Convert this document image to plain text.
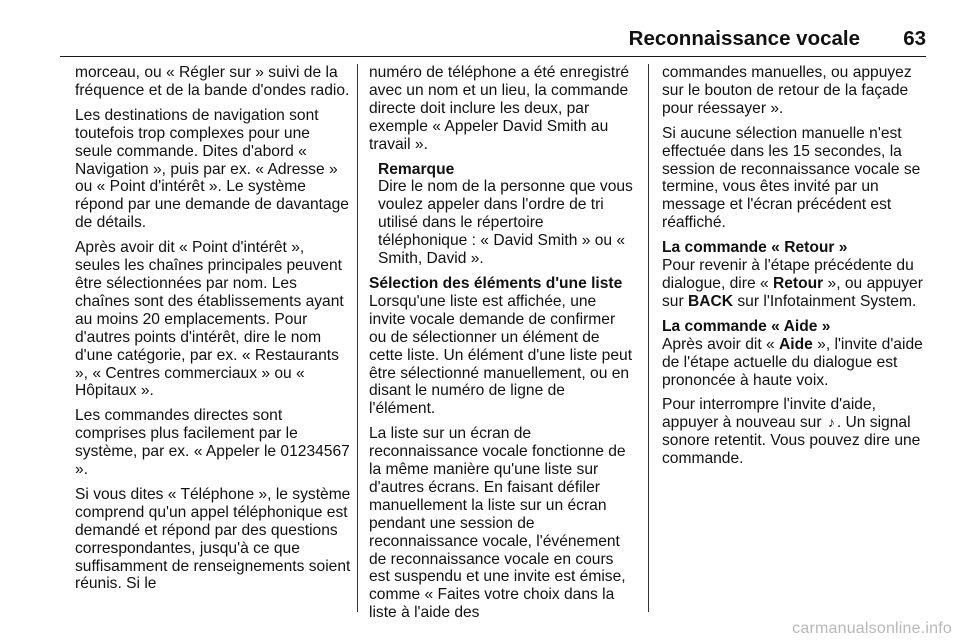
Reconnaissance vocale 63

morceau, ou « Régler sur » suivi de la fréquence et de la bande d'ondes radio.

Les destinations de navigation sont toutefois trop complexes pour une seule commande. Dites d'abord « Navigation », puis par ex. « Adresse » ou « Point d'intérêt ». Le système répond par une demande de davantage de détails.

Après avoir dit « Point d'intérêt », seules les chaînes principales peuvent être sélectionnées par nom. Les chaînes sont des établissements ayant au moins 20 emplacements. Pour d'autres points d'intérêt, dire le nom d'une catégorie, par ex. « Restaurants », « Centres commerciaux » ou « Hôpitaux ».

Les commandes directes sont comprises plus facilement par le système, par ex. « Appeler le 01234567 ».

Si vous dites « Téléphone », le système comprend qu'un appel téléphonique est demandé et répond par des questions correspondantes, jusqu'à ce que suffisamment de renseignements soient réunis. Si le

numéro de téléphone a été enregistré avec un nom et un lieu, la commande directe doit inclure les deux, par exemple « Appeler David Smith au travail ».

Remarque
Dire le nom de la personne que vous voulez appeler dans l'ordre de tri utilisé dans le répertoire téléphonique : « David Smith » ou « Smith, David ».
Sélection des éléments d'une liste

Lorsqu'une liste est affichée, une invite vocale demande de confirmer ou de sélectionner un élément de cette liste. Un élément d'une liste peut être sélectionné manuellement, ou en disant le numéro de ligne de l'élément.

La liste sur un écran de reconnaissance vocale fonctionne de la même manière qu'une liste sur d'autres écrans. En faisant défiler manuellement la liste sur un écran pendant une session de reconnaissance vocale, l'événement de reconnaissance vocale en cours est suspendu et une invite est émise, comme « Faites votre choix dans la liste à l'aide des

commandes manuelles, ou appuyez sur le bouton de retour de la façade pour réessayer ».

Si aucune sélection manuelle n'est effectuée dans les 15 secondes, la session de reconnaissance vocale se termine, vous êtes invité par un message et l'écran précédent est réaffiché.

La commande « Retour »

Pour revenir à l'étape précédente du dialogue, dire « Retour », ou appuyer sur BACK sur l'Infotainment System.

La commande « Aide »

Après avoir dit « Aide », l'invite d'aide de l'étape actuelle du dialogue est prononcée à haute voix.

Pour interrompre l'invite d'aide, appuyer à nouveau sur ♪ . Un signal sonore retentit. Vous pouvez dire une commande.

carmanualsonline.info
